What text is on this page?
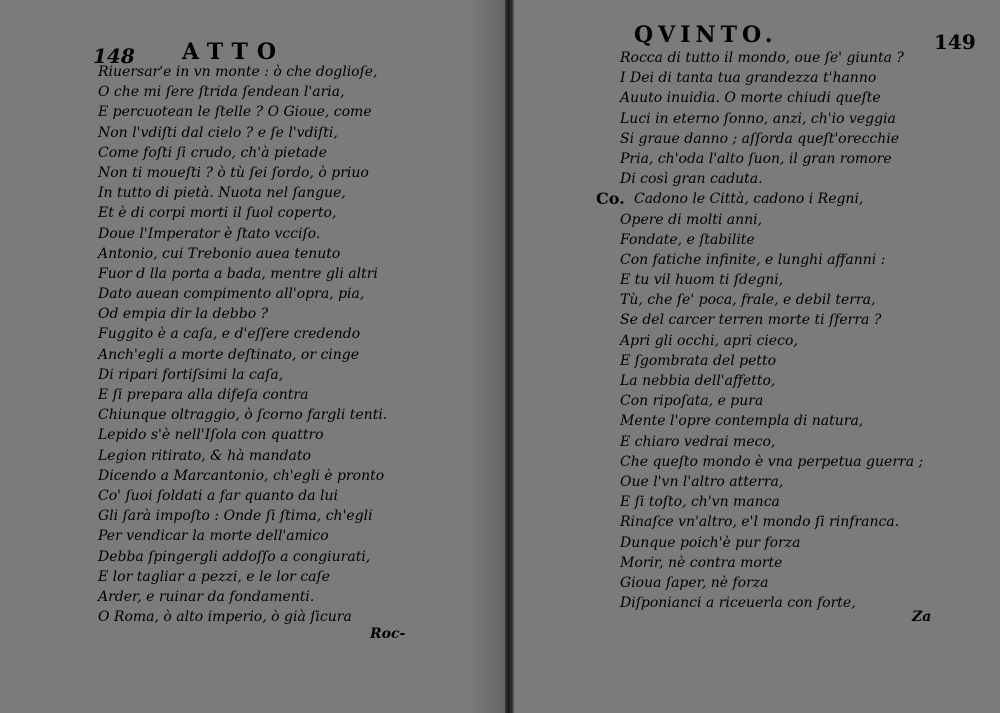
148 ATTO
Riuersar'e in vn monte : ò che doglioſe,
O che mi ſere ſtrida ſendean l'aria,
E percuotean le ſtelle ? O Gioue, come
Non l'vdiſti dal cielo ? e ſe l'vdiſti,
Come foſti ſi crudo, ch'à pietade
Non ti moueſti ? ò tù ſei ſordo, ò priuo
In tutto di pietà. Nuota nel ſangue,
Et è di corpi morti il ſuol coperto,
Doue l'Imperator è ſtato vcciſo.
Antonio, cui Trebonio auea tenuto
Fuor d lla porta a bada, mentre gli altri
Dato auean compimento all'opra, pia,
Od empia dir la debbo ?
Fuggito è a caſa, e d'eſſere credendo
Anch'egli a morte deſtinato, or cinge
Di ripari fortiſsimi la caſa,
E ſi prepara alla difeſa contra
Chiunque oltraggio, ò ſcorno fargli tenti.
Lepido s'è nell'Iſola con quattro
Legion ritirato, & hà mandato
Dicendo a Marcantonio, ch'egli è pronto
Co' ſuoi ſoldati a far quanto da lui
Gli ſarà impoſto : Onde ſi ſtima, ch'egli
Per vendicar la morte dell'amico
Debba ſpingergli addoſſo a congiurati,
E lor tagliar a pezzi, e le lor caſe
Arder, e ruinar da fondamenti.
O Roma, ò alto imperio, ò già ſicura
Roc-
QVINTO.	149
Rocca di tutto il mondo, oue ſe' giunta ?
I Dei di tanta tua grandezza t'hanno
Auuto inuidia. O morte chiudi queſte
Luci in eterno ſonno, anzi, ch'io veggia
Si graue danno ; aſſorda queſt'orecchie
Pria, ch'oda l'alto ſuon, il gran romore
Di così gran caduta.
Co. Cadono le Città, cadono i Regni,
Opere di molti anni,
Fondate, e ſtabilite
Con fatiche infinite, e lunghi affanni :
E tu vil huom ti ſdegni,
Tù, che ſe' poca, frale, e debil terra,
Se del carcer terren morte ti ſferra ?
Apri gli occhi, apri cieco,
E ſgombrata del petto
La nebbia dell'affetto,
Con ripoſata, e pura
Mente l'opre contempla di natura,
E chiaro vedrai meco,
Che queſto mondo è vna perpetua guerra ;
Oue l'vn l'altro atterra,
E ſi toſto, ch'vn manca
Rinaſce vn'altro, e'l mondo ſi rinfranca.
Dunque poich'è pur forza
Morir, nè contra morte
Gioua ſaper, nè forza
Diſponianci a riceuerla con forte,
Za
